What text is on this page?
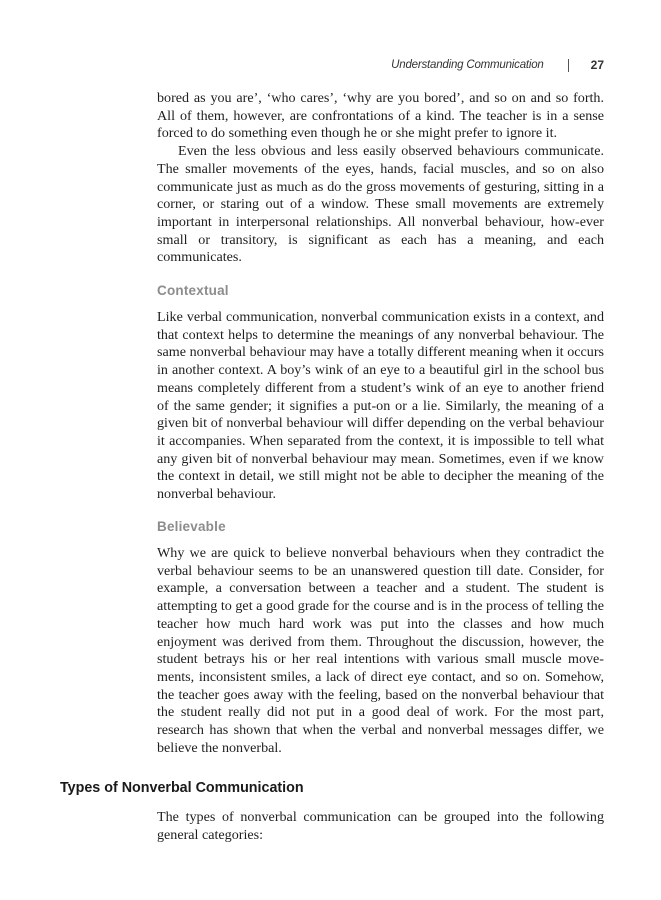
Understanding Communication	27

bored as you are’, ‘who cares’, ‘why are you bored’, and so on and so forth. All of them, however, are confrontations of a kind. The teacher is in a sense forced to do something even though he or she might prefer to ignore it.

Even the less obvious and less easily observed behaviours communicate. The smaller movements of the eyes, hands, facial muscles, and so on also communicate just as much as do the gross movements of gesturing, sitting in a corner, or staring out of a window. These small movements are extremely important in interpersonal relationships. All nonverbal behaviour, how-ever small or transitory, is significant as each has a meaning, and each communicates.

Contextual

Like verbal communication, nonverbal communication exists in a context, and that context helps to determine the meanings of any nonverbal behaviour. The same nonverbal behaviour may have a totally different meaning when it occurs in another context. A boy’s wink of an eye to a beautiful girl in the school bus means completely different from a student’s wink of an eye to another friend of the same gender; it signifies a put-on or a lie. Similarly, the meaning of a given bit of nonverbal behaviour will differ depending on the verbal behaviour it accompanies. When separated from the context, it is impossible to tell what any given bit of nonverbal behaviour may mean. Sometimes, even if we know the context in detail, we still might not be able to decipher the meaning of the nonverbal behaviour.

Believable

Why we are quick to believe nonverbal behaviours when they contradict the verbal behaviour seems to be an unanswered question till date. Consider, for example, a conversation between a teacher and a student. The student is attempting to get a good grade for the course and is in the process of telling the teacher how much hard work was put into the classes and how much enjoyment was derived from them. Throughout the discussion, however, the student betrays his or her real intentions with various small muscle move-ments, inconsistent smiles, a lack of direct eye contact, and so on. Somehow, the teacher goes away with the feeling, based on the nonverbal behaviour that the student really did not put in a good deal of work. For the most part, research has shown that when the verbal and nonverbal messages differ, we believe the nonverbal.

Types of Nonverbal Communication

The types of nonverbal communication can be grouped into the following general categories:
